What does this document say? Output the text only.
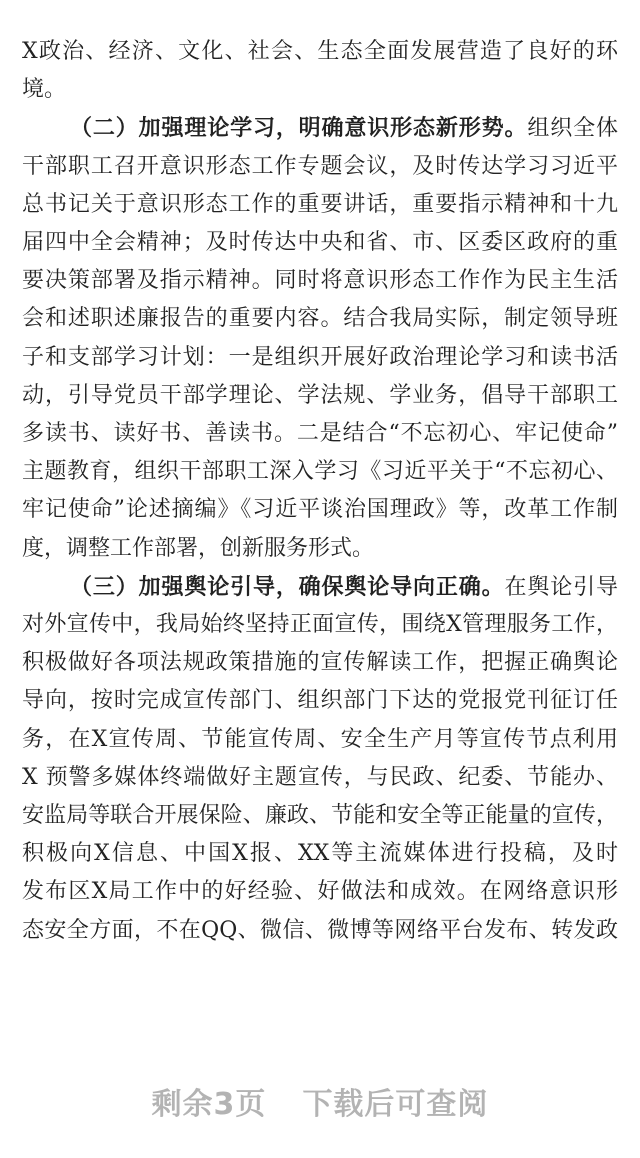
X政治、经济、文化、社会、生态全面发展营造了良好的环
境。
（二）加强理论学习，明确意识形态新形势。组织全体
干部职工召开意识形态工作专题会议，及时传达学习习近平
总书记关于意识形态工作的重要讲话，重要指示精神和十九
届四中全会精神；及时传达中央和省、市、区委区政府的重
要决策部署及指示精神。同时将意识形态工作作为民主生活
会和述职述廉报告的重要内容。结合我局实际，制定领导班
子和支部学习计划：一是组织开展好政治理论学习和读书活
动，引导党员干部学理论、学法规、学业务，倡导干部职工
多读书、读好书、善读书。二是结合“不忘初心、牢记使命”
主题教育，组织干部职工深入学习《习近平关于“不忘初心、
牢记使命”论述摘编》《习近平谈治国理政》等，改革工作制
度，调整工作部署，创新服务形式。
（三）加强舆论引导，确保舆论导向正确。在舆论引导
对外宣传中，我局始终坚持正面宣传，围绕X管理服务工作，
积极做好各项法规政策措施的宣传解读工作，把握正确舆论
导向，按时完成宣传部门、组织部门下达的党报党刊征订任
务，在X宣传周、节能宣传周、安全生产月等宣传节点利用
X 预警多媒体终端做好主题宣传，与民政、纪委、节能办、
安监局等联合开展保险、廉政、节能和安全等正能量的宣传，
积极向X信息、中国X报、XX等主流媒体进行投稿，及时
发布区X局工作中的好经验、好做法和成效。在网络意识形
态安全方面，不在QQ、微信、微博等网络平台发布、转发政
剩余3页 下载后可查阅
